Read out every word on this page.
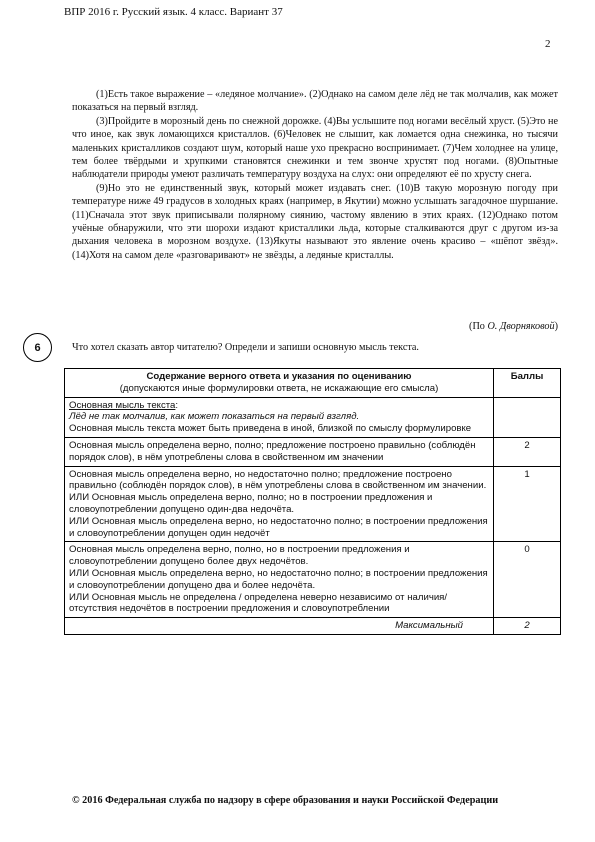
ВПР 2016 г. Русский язык. 4 класс. Вариант 37
2

(1)Есть такое выражение – «ледяное молчание». (2)Однако на самом деле лёд не так молчалив, как может показаться на первый взгляд.

(3)Пройдите в морозный день по снежной дорожке. (4)Вы услышите под ногами весёлый хруст. (5)Это не что иное, как звук ломающихся кристаллов. (6)Человек не слышит, как ломается одна снежинка, но тысячи маленьких кристалликов создают шум, который наше ухо прекрасно воспринимает. (7)Чем холоднее на улице, тем более твёрдыми и хрупкими становятся снежинки и тем звонче хрустят под ногами. (8)Опытные наблюдатели природы умеют различать температуру воздуха на слух: они определяют её по хрусту снега.

(9)Но это не единственный звук, который может издавать снег. (10)В такую морозную погоду при температуре ниже 49 градусов в холодных краях (например, в Якутии) можно услышать загадочное шуршание. (11)Сначала этот звук приписывали полярному сиянию, частому явлению в этих краях. (12)Однако потом учёные обнаружили, что эти шорохи издают кристаллики льда, которые сталкиваются друг с другом из-за дыхания человека в морозном воздухе. (13)Якуты называют это явление очень красиво – «шёпот звёзд». (14)Хотя на самом деле «разговаривают» не звёзды, а ледяные кристаллы.

(По О. Дворняковой)
6	Что хотел сказать автор читателю? Определи и запиши основную мысль текста.
Содержание верного ответа и указания по оцениванию
(допускаются иные формулировки ответа, не искажающие его смысла)	Баллы
Основная мысль текста:
Лёд не так молчалив, как может показаться на первый взгляд.
Основная мысль текста может быть приведена в иной, близкой по смыслу формулировке	
Основная мысль определена верно, полно; предложение построено правильно (соблюдён порядок слов), в нём употреблены слова в свойственном им значении	2
Основная мысль определена верно, но недостаточно полно; предложение построено правильно (соблюдён порядок слов), в нём употреблены слова в свойственном им значении.
ИЛИ Основная мысль определена верно, полно; но в построении предложения и словоупотреблении допущено один-два недочёта.
ИЛИ Основная мысль определена верно, но недостаточно полно; в построении предложения и словоупотреблении допущен один недочёт	1
Основная мысль определена верно, полно, но в построении предложения и словоупотреблении допущено более двух недочётов.
ИЛИ Основная мысль определена верно, но недостаточно полно; в построении предложения и словоупотреблении допущено два и более недочёта.
ИЛИ Основная мысль не определена / определена неверно независимо от наличия/отсутствия недочётов в построении предложения и словоупотреблении	0
Максимальный	2
© 2016 Федеральная служба по надзору в сфере образования и науки Российской Федерации
